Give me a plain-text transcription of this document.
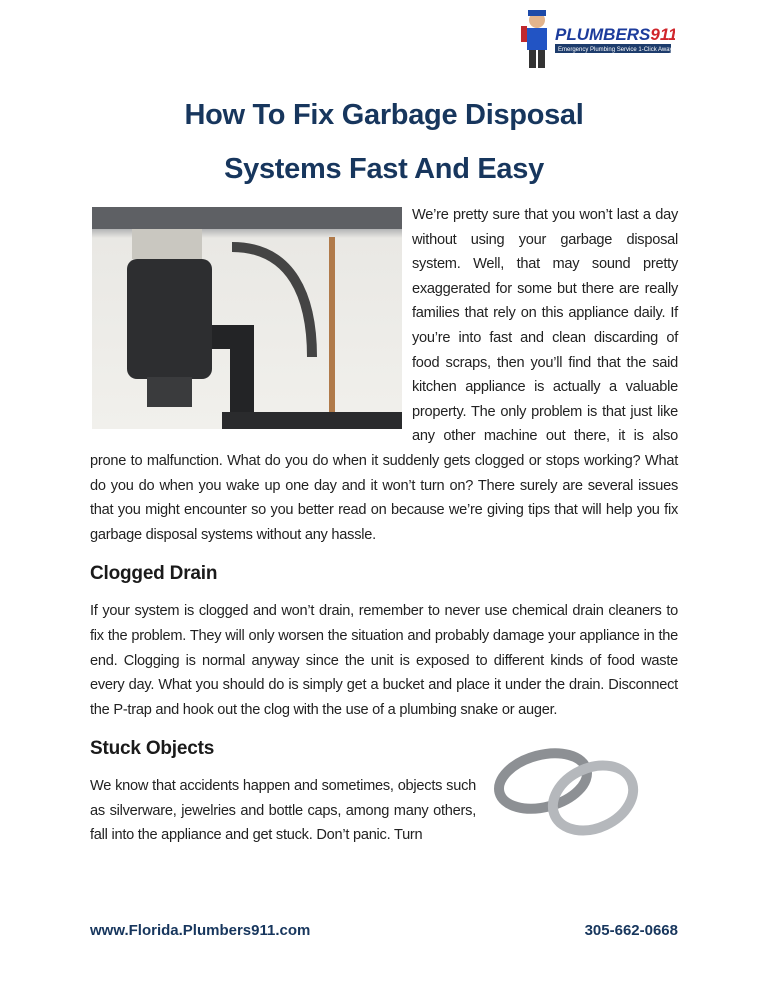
PLUMBERS911
Emergency Plumbing Service 1-Click Away
How To Fix Garbage Disposal
Systems Fast And Easy

We’re pretty sure that you won’t last a day without using your garbage disposal system. Well, that may sound pretty exaggerated for some but there are really families that rely on this appliance daily. If you’re into fast and clean discarding of food scraps, then you’ll find that the said kitchen appliance is actually a valuable property. The only problem is that just like any other machine out there, it is also prone to malfunction. What do you do when it suddenly gets clogged or stops working? What do you do when you wake up one day and it won’t turn on? There surely are several issues that you might encounter so you better read on because we’re giving tips that will help you fix garbage disposal systems without any hassle.

Clogged Drain

If your system is clogged and won’t drain, remember to never use chemical drain cleaners to fix the problem. They will only worsen the situation and probably damage your appliance in the end. Clogging is normal anyway since the unit is exposed to different kinds of food waste every day. What you should do is simply get a bucket and place it under the drain. Disconnect the P-trap and hook out the clog with the use of a plumbing snake or auger.

Stuck Objects

We know that accidents happen and sometimes, objects such as silverware, jewelries and bottle caps, among many others, fall into the appliance and get stuck. Don’t panic. Turn

www.Florida.Plumbers911.com	305-662-0668
